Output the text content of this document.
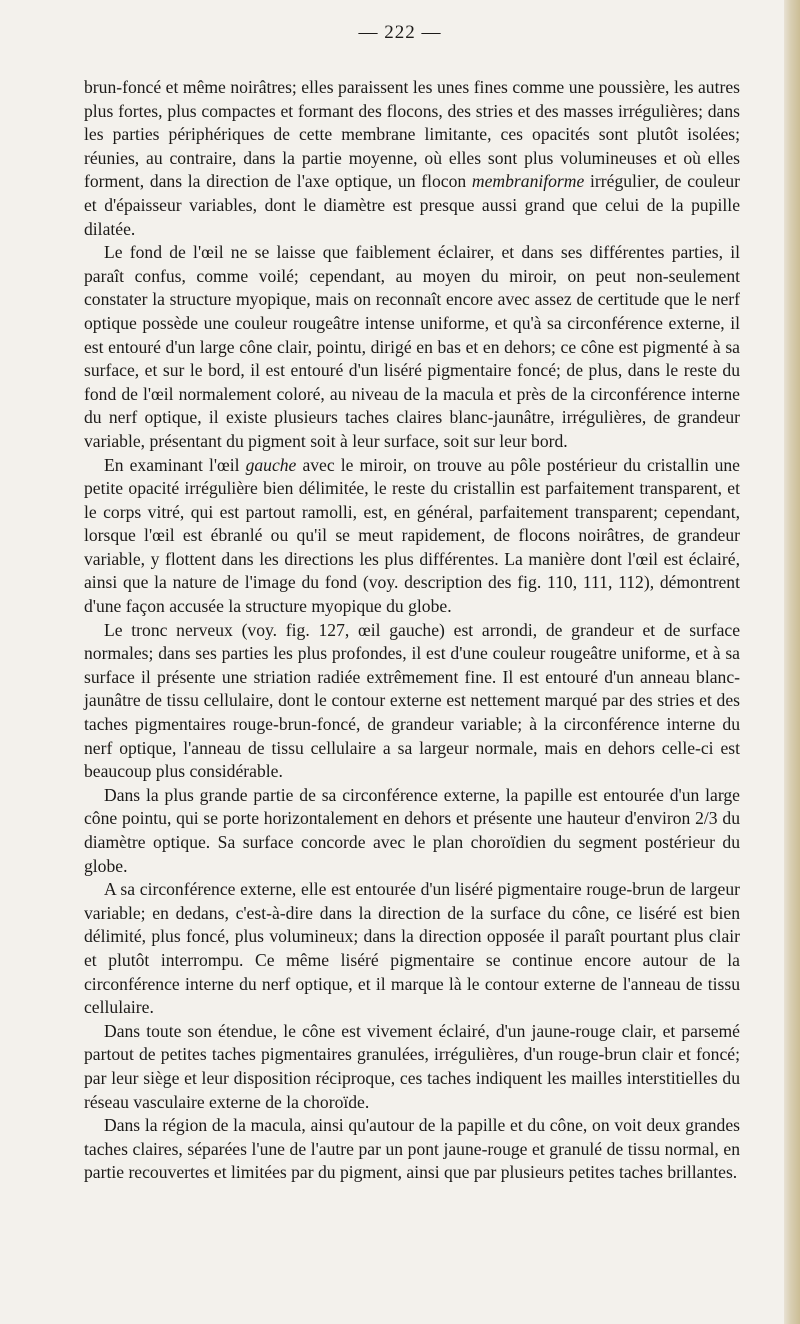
— 222 —

brun-foncé et même noirâtres; elles paraissent les unes fines comme une poussière, les autres plus fortes, plus compactes et formant des flocons, des stries et des masses irrégulières; dans les parties périphériques de cette membrane limitante, ces opacités sont plutôt isolées; réunies, au contraire, dans la partie moyenne, où elles sont plus volumineuses et où elles forment, dans la direction de l'axe optique, un flocon membraniforme irrégulier, de couleur et d'épaisseur variables, dont le diamètre est presque aussi grand que celui de la pupille dilatée.

Le fond de l'œil ne se laisse que faiblement éclairer, et dans ses différentes parties, il paraît confus, comme voilé; cependant, au moyen du miroir, on peut non-seulement constater la structure myopique, mais on reconnaît encore avec assez de certitude que le nerf optique possède une couleur rougeâtre intense uniforme, et qu'à sa circonférence externe, il est entouré d'un large cône clair, pointu, dirigé en bas et en dehors; ce cône est pigmenté à sa surface, et sur le bord, il est entouré d'un liséré pigmentaire foncé; de plus, dans le reste du fond de l'œil normalement coloré, au niveau de la macula et près de la circonférence interne du nerf optique, il existe plusieurs taches claires blanc-jaunâtre, irrégulières, de grandeur variable, présentant du pigment soit à leur surface, soit sur leur bord.

En examinant l'œil gauche avec le miroir, on trouve au pôle postérieur du cristallin une petite opacité irrégulière bien délimitée, le reste du cristallin est parfaitement transparent, et le corps vitré, qui est partout ramolli, est, en général, parfaitement transparent; cependant, lorsque l'œil est ébranlé ou qu'il se meut rapidement, de flocons noirâtres, de grandeur variable, y flottent dans les directions les plus différentes. La manière dont l'œil est éclairé, ainsi que la nature de l'image du fond (voy. description des fig. 110, 111, 112), démontrent d'une façon accusée la structure myopique du globe.

Le tronc nerveux (voy. fig. 127, œil gauche) est arrondi, de grandeur et de surface normales; dans ses parties les plus profondes, il est d'une couleur rougeâtre uniforme, et à sa surface il présente une striation radiée extrêmement fine. Il est entouré d'un anneau blanc-jaunâtre de tissu cellulaire, dont le contour externe est nettement marqué par des stries et des taches pigmentaires rouge-brun-foncé, de grandeur variable; à la circonférence interne du nerf optique, l'anneau de tissu cellulaire a sa largeur normale, mais en dehors celle-ci est beaucoup plus considérable.

Dans la plus grande partie de sa circonférence externe, la papille est entourée d'un large cône pointu, qui se porte horizontalement en dehors et présente une hauteur d'environ 2/3 du diamètre optique. Sa surface concorde avec le plan choroïdien du segment postérieur du globe.

A sa circonférence externe, elle est entourée d'un liséré pigmentaire rouge-brun de largeur variable; en dedans, c'est-à-dire dans la direction de la surface du cône, ce liséré est bien délimité, plus foncé, plus volumineux; dans la direction opposée il paraît pourtant plus clair et plutôt interrompu. Ce même liséré pigmentaire se continue encore autour de la circonférence interne du nerf optique, et il marque là le contour externe de l'anneau de tissu cellulaire.

Dans toute son étendue, le cône est vivement éclairé, d'un jaune-rouge clair, et parsemé partout de petites taches pigmentaires granulées, irrégulières, d'un rouge-brun clair et foncé; par leur siège et leur disposition réciproque, ces taches indiquent les mailles interstitielles du réseau vasculaire externe de la choroïde.

Dans la région de la macula, ainsi qu'autour de la papille et du cône, on voit deux grandes taches claires, séparées l'une de l'autre par un pont jaune-rouge et granulé de tissu normal, en partie recouvertes et limitées par du pigment, ainsi que par plusieurs petites taches brillantes.
